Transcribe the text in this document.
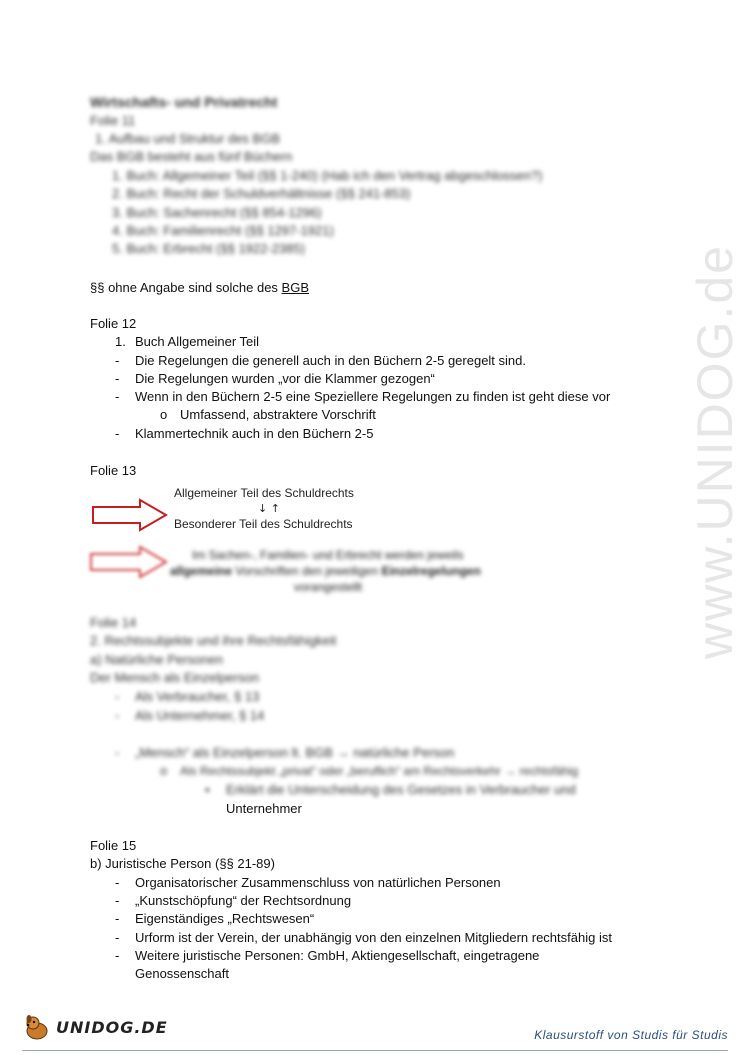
www.UNIDOG.de
Wirtschafts- und Privatrecht
Folie 11
1. Aufbau und Struktur des BGB
Das BGB besteht aus fünf Büchern
1. Buch: Allgemeiner Teil (§§ 1-240) (Hab ich den Vertrag abgeschlossen?)
2. Buch: Recht der Schuldverhältnisse (§§ 241-853)
3. Buch: Sachenrecht (§§ 854-1296)
4. Buch: Familienrecht (§§ 1297-1921)
5. Buch: Erbrecht (§§ 1922-2385)
§§ ohne Angabe sind solche des BGB
Folie 12
1. Buch Allgemeiner Teil
- Die Regelungen die generell auch in den Büchern 2-5 geregelt sind.
- Die Regelungen wurden „vor die Klammer gezogen“
- Wenn in den Büchern 2-5 eine Speziellere Regelungen zu finden ist geht diese vor
o Umfassend, abstraktere Vorschrift
- Klammertechnik auch in den Büchern 2-5
Folie 13
Allgemeiner Teil des Schuldrechts
↓ ↑
Besonderer Teil des Schuldrechts
Im Sachen-, Familien- und Erbrecht werden jeweils
allgemeine Vorschriften den jeweiligen Einzelregelungen
vorangestellt
Folie 14
2. Rechtssubjekte und ihre Rechtsfähigkeit
a) Natürliche Personen
Der Mensch als Einzelperson
- Als Verbraucher, § 13
- Als Unternehmer, § 14
- „Mensch“ als Einzelperson lt. BGB → natürliche Person
o Als Rechtssubjekt „privat“ oder „beruflich“ am Rechtsverkehr → rechtsfähig
▪ Erklärt die Unterscheidung des Gesetzes in Verbraucher und
Unternehmer
Folie 15
b) Juristische Person (§§ 21-89)
- Organisatorischer Zusammenschluss von natürlichen Personen
- „Kunstschöpfung“ der Rechtsordnung
- Eigenständiges „Rechtswesen“
- Urform ist der Verein, der unabhängig von den einzelnen Mitgliedern rechtsfähig ist
- Weitere juristische Personen: GmbH, Aktiengesellschaft, eingetragene
Genossenschaft
UNIDOG.DE	Klausurstoff von Studis für Studis
